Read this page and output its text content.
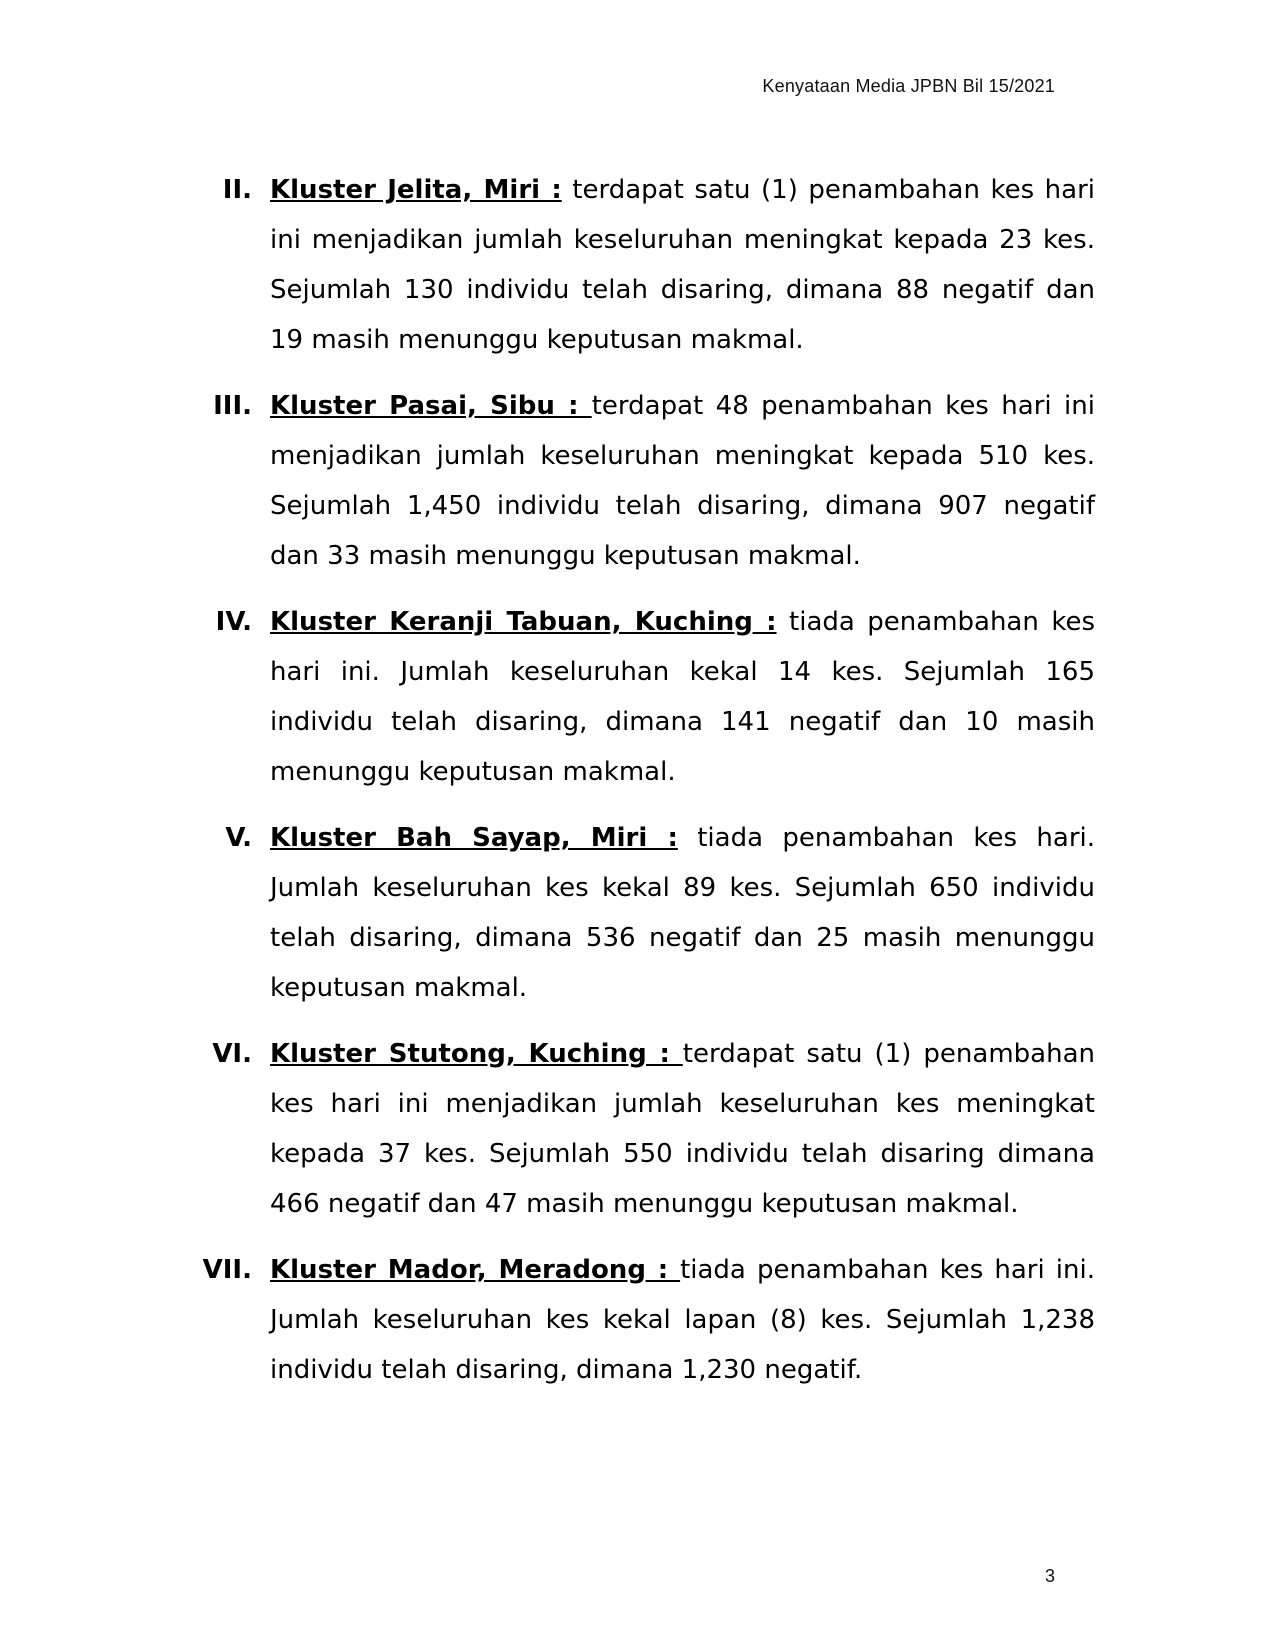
Kenyataan Media JPBN Bil 15/2021
II. Kluster Jelita, Miri : terdapat satu (1) penambahan kes hari ini menjadikan jumlah keseluruhan meningkat kepada 23 kes. Sejumlah 130 individu telah disaring, dimana 88 negatif dan 19 masih menunggu keputusan makmal.
III. Kluster Pasai, Sibu : terdapat 48 penambahan kes hari ini menjadikan jumlah keseluruhan meningkat kepada 510 kes. Sejumlah 1,450 individu telah disaring, dimana 907 negatif dan 33 masih menunggu keputusan makmal.
IV. Kluster Keranji Tabuan, Kuching : tiada penambahan kes hari ini. Jumlah keseluruhan kekal 14 kes. Sejumlah 165 individu telah disaring, dimana 141 negatif dan 10 masih menunggu keputusan makmal.
V. Kluster Bah Sayap, Miri : tiada penambahan kes hari. Jumlah keseluruhan kes kekal 89 kes. Sejumlah 650 individu telah disaring, dimana 536 negatif dan 25 masih menunggu keputusan makmal.
VI. Kluster Stutong, Kuching : terdapat satu (1) penambahan kes hari ini menjadikan jumlah keseluruhan kes meningkat kepada 37 kes. Sejumlah 550 individu telah disaring dimana 466 negatif dan 47 masih menunggu keputusan makmal.
VII. Kluster Mador, Meradong : tiada penambahan kes hari ini. Jumlah keseluruhan kes kekal lapan (8) kes. Sejumlah 1,238 individu telah disaring, dimana 1,230 negatif.
3
